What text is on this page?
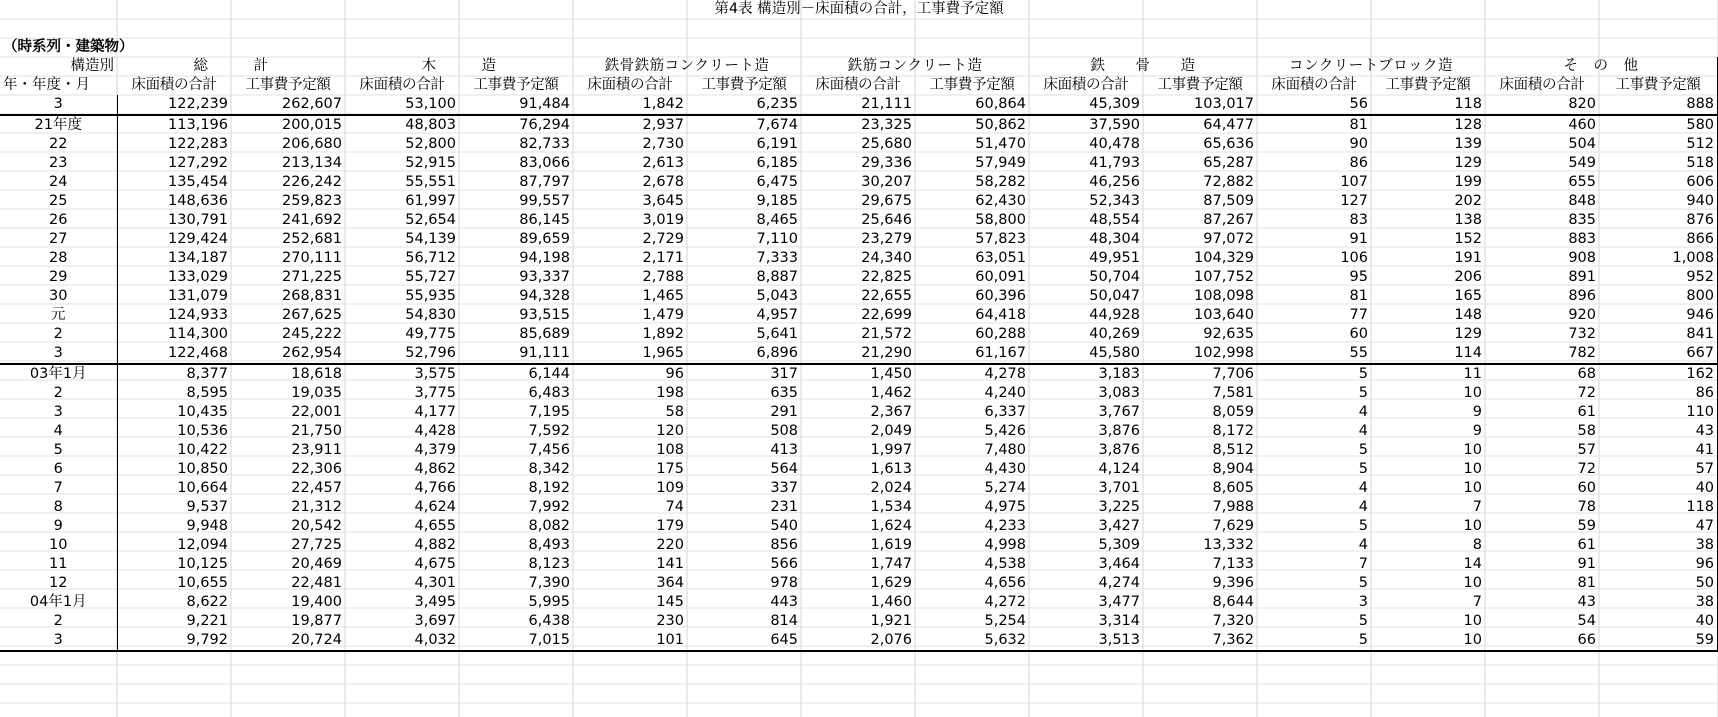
第4表 構造別－床面積の合計，工事費予定額														

（時系列・建築物）														
構造別	総　　　計		木　　　造		鉄骨鉄筋コンクリート造		鉄筋コンクリート造		鉄　　骨　　造		コンクリートブロック造		そ　の　他	
年・年度・月	床面積の合計	工事費予定額	床面積の合計	工事費予定額	床面積の合計	工事費予定額	床面積の合計	工事費予定額	床面積の合計	工事費予定額	床面積の合計	工事費予定額	床面積の合計	工事費予定額
3	122,239	262,607	53,100	91,484	1,842	6,235	21,111	60,864	45,309	103,017	56	118	820	888
21年度	113,196	200,015	48,803	76,294	2,937	7,674	23,325	50,862	37,590	64,477	81	128	460	580
22	122,283	206,680	52,800	82,733	2,730	6,191	25,680	51,470	40,478	65,636	90	139	504	512
23	127,292	213,134	52,915	83,066	2,613	6,185	29,336	57,949	41,793	65,287	86	129	549	518
24	135,454	226,242	55,551	87,797	2,678	6,475	30,207	58,282	46,256	72,882	107	199	655	606
25	148,636	259,823	61,997	99,557	3,645	9,185	29,675	62,430	52,343	87,509	127	202	848	940
26	130,791	241,692	52,654	86,145	3,019	8,465	25,646	58,800	48,554	87,267	83	138	835	876
27	129,424	252,681	54,139	89,659	2,729	7,110	23,279	57,823	48,304	97,072	91	152	883	866
28	134,187	270,111	56,712	94,198	2,171	7,333	24,340	63,051	49,951	104,329	106	191	908	1,008
29	133,029	271,225	55,727	93,337	2,788	8,887	22,825	60,091	50,704	107,752	95	206	891	952
30	131,079	268,831	55,935	94,328	1,465	5,043	22,655	60,396	50,047	108,098	81	165	896	800
元	124,933	267,625	54,830	93,515	1,479	4,957	22,699	64,418	44,928	103,640	77	148	920	946
2	114,300	245,222	49,775	85,689	1,892	5,641	21,572	60,288	40,269	92,635	60	129	732	841
3	122,468	262,954	52,796	91,111	1,965	6,896	21,290	61,167	45,580	102,998	55	114	782	667
03年1月	8,377	18,618	3,575	6,144	96	317	1,450	4,278	3,183	7,706	5	11	68	162
2	8,595	19,035	3,775	6,483	198	635	1,462	4,240	3,083	7,581	5	10	72	86
3	10,435	22,001	4,177	7,195	58	291	2,367	6,337	3,767	8,059	4	9	61	110
4	10,536	21,750	4,428	7,592	120	508	2,049	5,426	3,876	8,172	4	9	58	43
5	10,422	23,911	4,379	7,456	108	413	1,997	7,480	3,876	8,512	5	10	57	41
6	10,850	22,306	4,862	8,342	175	564	1,613	4,430	4,124	8,904	5	10	72	57
7	10,664	22,457	4,766	8,192	109	337	2,024	5,274	3,701	8,605	4	10	60	40
8	9,537	21,312	4,624	7,992	74	231	1,534	4,975	3,225	7,988	4	7	78	118
9	9,948	20,542	4,655	8,082	179	540	1,624	4,233	3,427	7,629	5	10	59	47
10	12,094	27,725	4,882	8,493	220	856	1,619	4,998	5,309	13,332	4	8	61	38
11	10,125	20,469	4,675	8,123	141	566	1,747	4,538	3,464	7,133	7	14	91	96
12	10,655	22,481	4,301	7,390	364	978	1,629	4,656	4,274	9,396	5	10	81	50
04年1月	8,622	19,400	3,495	5,995	145	443	1,460	4,272	3,477	8,644	3	7	43	38
2	9,221	19,877	3,697	6,438	230	814	1,921	5,254	3,314	7,320	5	10	54	40
3	9,792	20,724	4,032	7,015	101	645	2,076	5,632	3,513	7,362	5	10	66	59
